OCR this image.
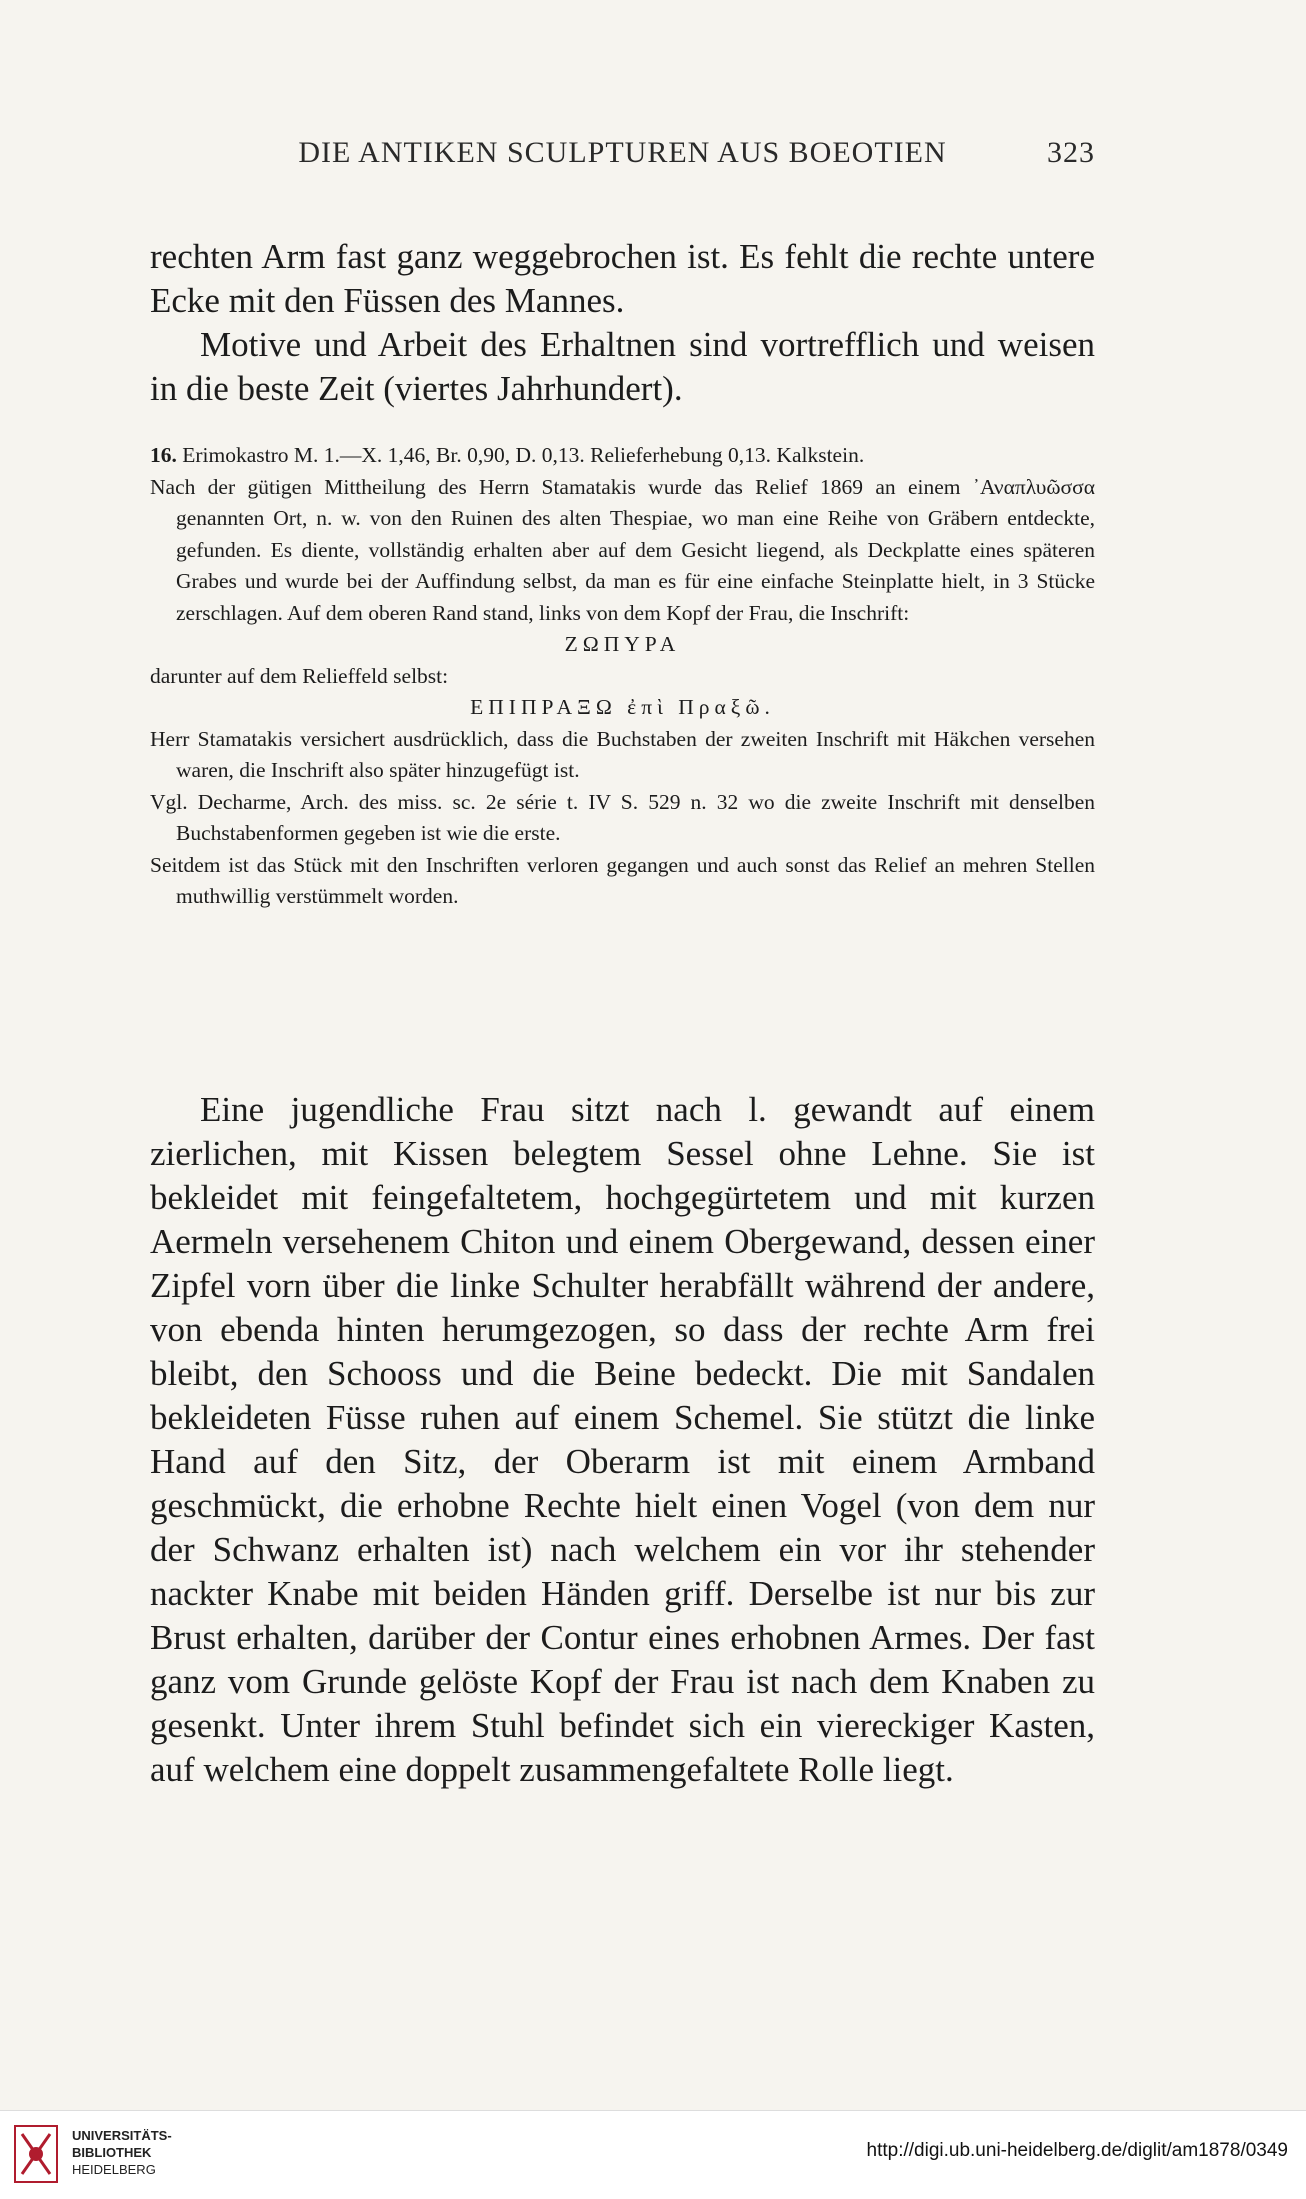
DIE ANTIKEN SCULPTUREN AUS BOEOTIEN	323

rechten Arm fast ganz weggebrochen ist. Es fehlt die rechte untere Ecke mit den Füssen des Mannes.

Motive und Arbeit des Erhaltnen sind vortrefflich und weisen in die beste Zeit (viertes Jahrhundert).

16. Erimokastro M. 1.—X. 1,46, Br. 0,90, D. 0,13. Relieferhebung 0,13. Kalkstein.

Nach der gütigen Mittheilung des Herrn Stamatakis wurde das Relief 1869 an einem ᾿Αναπλυῶσσα genannten Ort, n. w. von den Ruinen des alten Thespiae, wo man eine Reihe von Gräbern entdeckte, gefunden. Es diente, vollständig erhalten aber auf dem Gesicht liegend, als Deckplatte eines späteren Grabes und wurde bei der Auffindung selbst, da man es für eine einfache Steinplatte hielt, in 3 Stücke zerschlagen. Auf dem oberen Rand stand, links von dem Kopf der Frau, die Inschrift:

ΖΩΠΥΡΑ

darunter auf dem Relieffeld selbst:

ΕΠΙΠΡΑΞΩ ἐπὶ Πραξῶ.

Herr Stamatakis versichert ausdrücklich, dass die Buchstaben der zweiten Inschrift mit Häkchen versehen waren, die Inschrift also später hinzugefügt ist.

Vgl. Decharme, Arch. des miss. sc. 2e série t. IV S. 529 n. 32 wo die zweite Inschrift mit denselben Buchstabenformen gegeben ist wie die erste.

Seitdem ist das Stück mit den Inschriften verloren gegangen und auch sonst das Relief an mehren Stellen muthwillig verstümmelt worden.

Eine jugendliche Frau sitzt nach l. gewandt auf einem zierlichen, mit Kissen belegtem Sessel ohne Lehne. Sie ist bekleidet mit feingefaltetem, hochgegürtetem und mit kurzen Aermeln versehenem Chiton und einem Obergewand, dessen einer Zipfel vorn über die linke Schulter herabfällt während der andere, von ebenda hinten herumgezogen, so dass der rechte Arm frei bleibt, den Schooss und die Beine bedeckt. Die mit Sandalen bekleideten Füsse ruhen auf einem Schemel. Sie stützt die linke Hand auf den Sitz, der Oberarm ist mit einem Armband geschmückt, die erhobne Rechte hielt einen Vogel (von dem nur der Schwanz erhalten ist) nach welchem ein vor ihr stehender nackter Knabe mit beiden Händen griff. Derselbe ist nur bis zur Brust erhalten, darüber der Contur eines erhobnen Armes. Der fast ganz vom Grunde gelöste Kopf der Frau ist nach dem Knaben zu gesenkt. Unter ihrem Stuhl befindet sich ein viereckiger Kasten, auf welchem eine doppelt zusammengefaltete Rolle liegt.

UNIVERSITÄTS-
BIBLIOTHEK
HEIDELBERG
http://digi.ub.uni-heidelberg.de/diglit/am1878/0349
